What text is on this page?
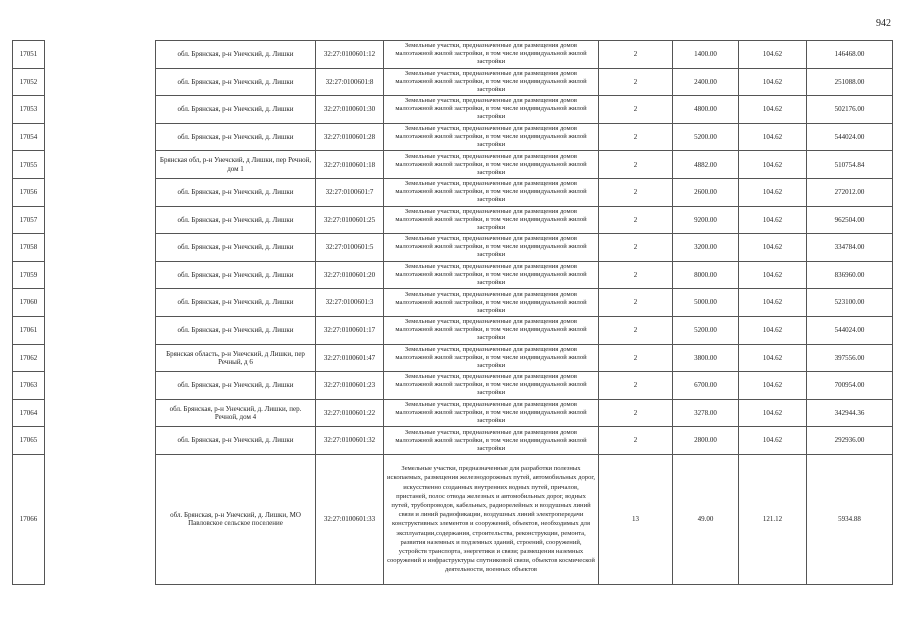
942
17051		обл. Брянская, р-н Унечский, д. Лишки	32:27:0100601:12	Земельные участки, предназначенные для размещения домов малоэтажной жилой застройки, в том числе индивидуальной жилой застройки	2	1400.00	104.62	146468.00
17052		обл. Брянская, р-н Унечский, д. Лишки	32:27:0100601:8	Земельные участки, предназначенные для размещения домов малоэтажной жилой застройки, в том числе индивидуальной жилой застройки	2	2400.00	104.62	251088.00
17053		обл. Брянская, р-н Унечский, д. Лишки	32:27:0100601:30	Земельные участки, предназначенные для размещения домов малоэтажной жилой застройки, в том числе индивидуальной жилой застройки	2	4800.00	104.62	502176.00
17054		обл. Брянская, р-н Унечский, д. Лишки	32:27:0100601:28	Земельные участки, предназначенные для размещения домов малоэтажной жилой застройки, в том числе индивидуальной жилой застройки	2	5200.00	104.62	544024.00
17055		Брянская обл, р-н Унечский, д Лишки, пер Речной, дом 1	32:27:0100601:18	Земельные участки, предназначенные для размещения домов малоэтажной жилой застройки, в том числе индивидуальной жилой застройки	2	4882.00	104.62	510754.84
17056		обл. Брянская, р-н Унечский, д. Лишки	32:27:0100601:7	Земельные участки, предназначенные для размещения домов малоэтажной жилой застройки, в том числе индивидуальной жилой застройки	2	2600.00	104.62	272012.00
17057		обл. Брянская, р-н Унечский, д. Лишки	32:27:0100601:25	Земельные участки, предназначенные для размещения домов малоэтажной жилой застройки, в том числе индивидуальной жилой застройки	2	9200.00	104.62	962504.00
17058		обл. Брянская, р-н Унечский, д. Лишки	32:27:0100601:5	Земельные участки, предназначенные для размещения домов малоэтажной жилой застройки, в том числе индивидуальной жилой застройки	2	3200.00	104.62	334784.00
17059		обл. Брянская, р-н Унечский, д. Лишки	32:27:0100601:20	Земельные участки, предназначенные для размещения домов малоэтажной жилой застройки, в том числе индивидуальной жилой застройки	2	8000.00	104.62	836960.00
17060		обл. Брянская, р-н Унечский, д. Лишки	32:27:0100601:3	Земельные участки, предназначенные для размещения домов малоэтажной жилой застройки, в том числе индивидуальной жилой застройки	2	5000.00	104.62	523100.00
17061		обл. Брянская, р-н Унечский, д. Лишки	32:27:0100601:17	Земельные участки, предназначенные для размещения домов малоэтажной жилой застройки, в том числе индивидуальной жилой застройки	2	5200.00	104.62	544024.00
17062		Брянская область, р-н Унечский, д Лишки, пер Речный, д 6	32:27:0100601:47	Земельные участки, предназначенные для размещения домов малоэтажной жилой застройки, в том числе индивидуальной жилой застройки	2	3800.00	104.62	397556.00
17063		обл. Брянская, р-н Унечский, д. Лишки	32:27:0100601:23	Земельные участки, предназначенные для размещения домов малоэтажной жилой застройки, в том числе индивидуальной жилой застройки	2	6700.00	104.62	700954.00
17064		обл. Брянская, р-н Унечский, д. Лишки, пер. Речной, дом 4	32:27:0100601:22	Земельные участки, предназначенные для размещения домов малоэтажной жилой застройки, в том числе индивидуальной жилой застройки	2	3278.00	104.62	342944.36
17065		обл. Брянская, р-н Унечский, д. Лишки	32:27:0100601:32	Земельные участки, предназначенные для размещения домов малоэтажной жилой застройки, в том числе индивидуальной жилой застройки	2	2800.00	104.62	292936.00
17066		обл. Брянская, р-н Унечский, д. Лишки, МО Павловское сельское поселение	32:27:0100601:33	Земельные участки, предназначенные для разработки полезных ископаемых, размещения железнодорожных путей, автомобильных дорог, искусственно созданных внутренних водных путей, причалов, пристаней, полос отвода железных и автомобильных дорог, водных путей, трубопроводов, кабельных, радиорелейных и воздушных линий связи и линий радиофикации, воздушных линий электропередачи конструктивных элементов и сооружений, объектов, необходимых для эксплуатации,содержания, строительства, реконструкции, ремонта, развития наземных и подземных зданий, строений, сооружений, устройств транспорта, энергетики и связи; размещения наземных сооружений и инфраструктуры спутниковой связи, объектов космической деятельности, военных объектов	13	49.00	121.12	5934.88
